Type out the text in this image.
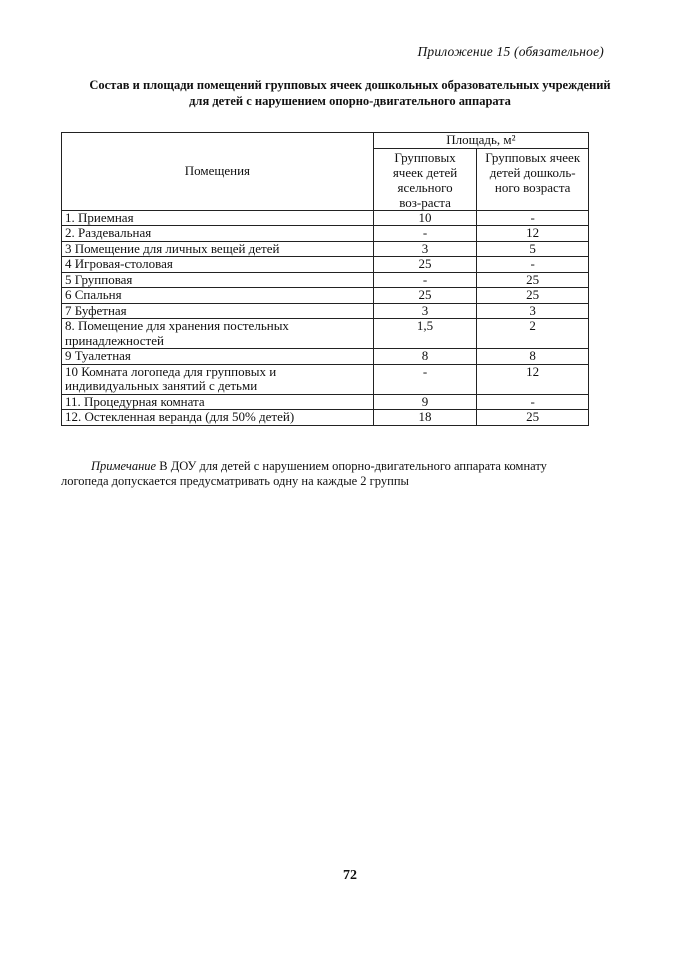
Приложение 15 (обязательное)
Состав и площади помещений групповых ячеек дошкольных образовательных учреждений
для детей с нарушением опорно-двигательного аппарата
Помещения	Площадь, м²	

	Групповых ячеек детей ясельного воз-раста	Групповых ячеек детей дошколь-ного возраста

1. Приемная	10	-
2. Раздевальная	-	12
3 Помещение для личных вещей детей	3	5
4 Игровая-столовая	25	-
5 Групповая	-	25
6 Спальня	25	25
7 Буфетная	3	3
8. Помещение для хранения постельных принадлежностей	1,5	2
9 Туалетная	8	8
10 Комната логопеда для групповых и индивидуальных занятий с детьми	-	12
11. Процедурная комната	9	-
12. Остекленная веранда (для 50% детей)	18	25
Примечание В ДОУ для детей с нарушением опорно-двигательного аппарата комнату логопеда допускается предусматривать одну на каждые 2 группы
72
